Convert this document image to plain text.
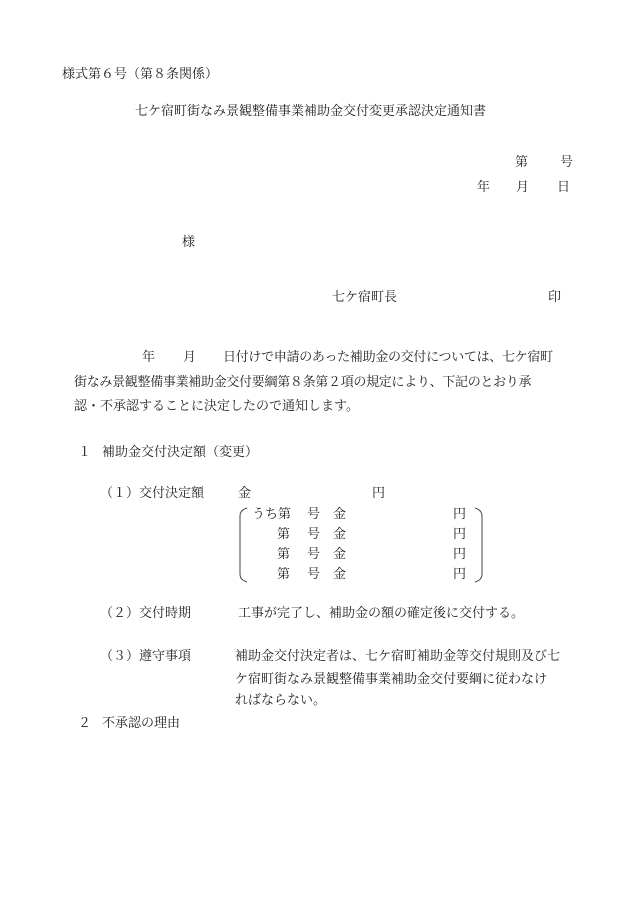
様式第６号（第８条関係）
七ケ宿町街なみ景観整備事業補助金交付変更承認決定通知書
第 号
年 月 日
様
七ケ宿町長	印
年 月 日付けで申請のあった補助金の交付については、七ケ宿町
街なみ景観整備事業補助金交付要綱第８条第２項の規定により、下記のとおり承
認・不承認することに決定したので通知します。
１ 補助金交付決定額（変更）
（１）交付決定額	金	円
うち第 号 金	円
第 号 金	円
第 号 金	円
第 号 金	円
（２）交付時期	工事が完了し、補助金の額の確定後に交付する。
（３）遵守事項	補助金交付決定者は、七ケ宿町補助金等交付規則及び七
ケ宿町街なみ景観整備事業補助金交付要綱に従わなけ
ればならない。
２ 不承認の理由
